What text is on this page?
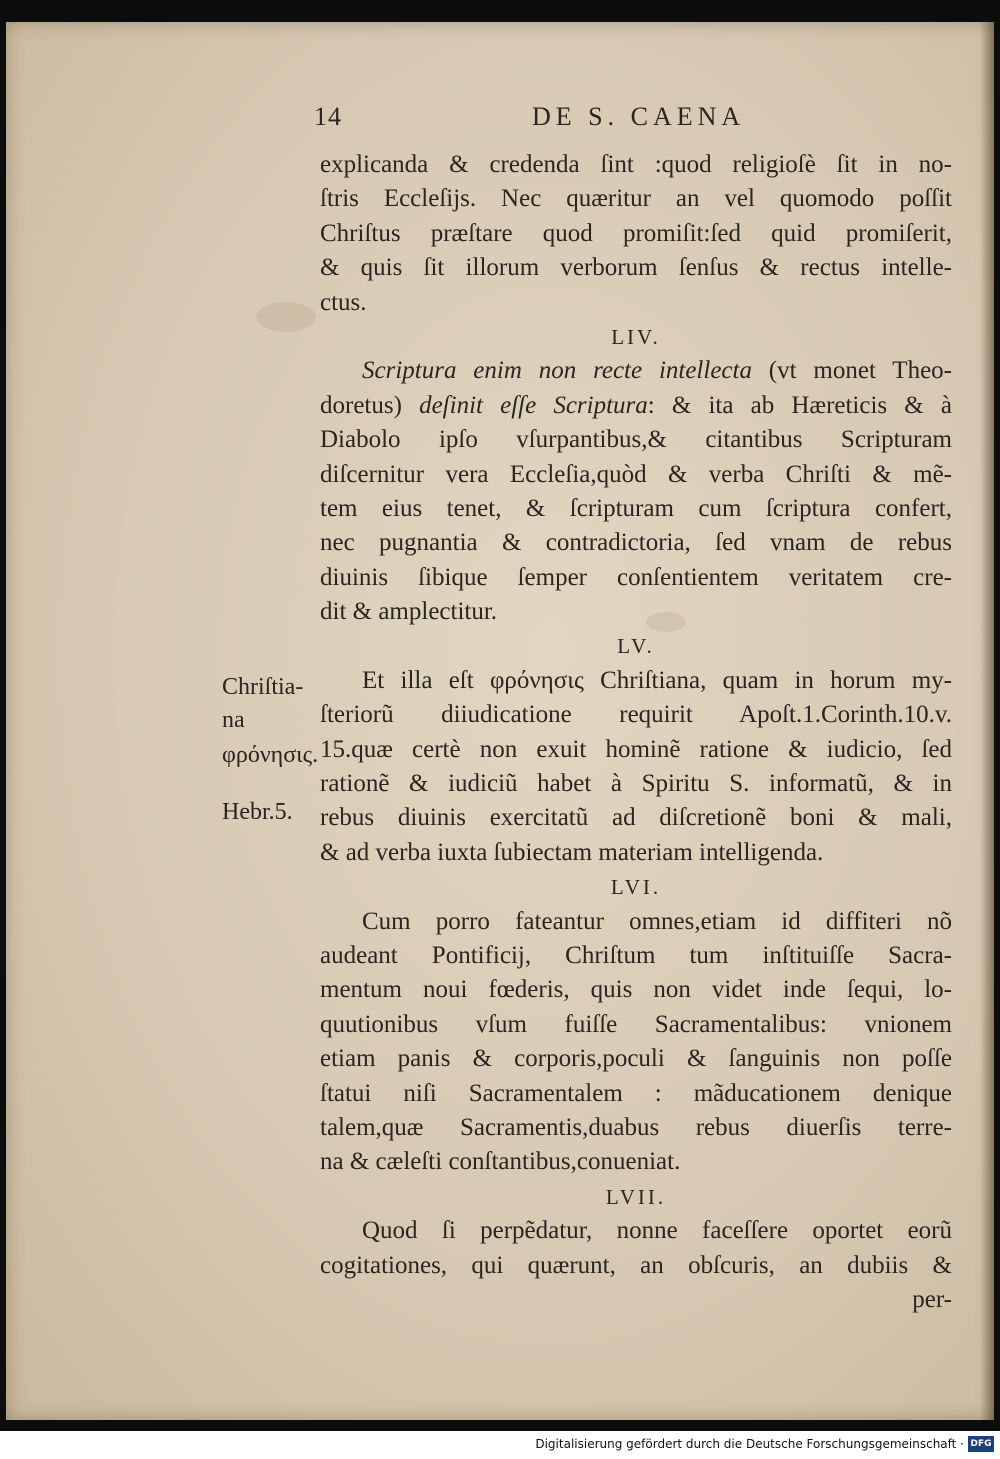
14	DE S. CAENA
explicanda & credenda ſint :quod religioſè ſit in no-
ſtris Eccleſijs. Nec quæritur an vel quomodo poſſit
Chriſtus præſtare quod promiſit:ſed quid promiſerit,
& quis ſit illorum verborum ſenſus & rectus intelle-
ctus.
LIV.
Scriptura enim non recte intellecta (vt monet Theo-
doretus) deſinit eſſe Scriptura: & ita ab Hæreticis & à
Diabolo ipſo vſurpantibus,& citantibus Scripturam
diſcernitur vera Eccleſia,quòd & verba Chriſti & mẽ-
tem eius tenet, & ſcripturam cum ſcriptura confert,
nec pugnantia & contradictoria, ſed vnam de rebus
diuinis ſibique ſemper conſentientem veritatem cre-
dit & amplectitur.
LV.
Et illa eſt φρόνησις Chriſtiana, quam in horum my-
ſteriorũ diiudicatione requirit Apoſt.1.Corinth.10.v.
15.quæ certè non exuit hominẽ ratione & iudicio, ſed
rationẽ & iudiciũ habet à Spiritu S. informatũ, & in
rebus diuinis exercitatũ ad diſcretionẽ boni & mali,
& ad verba iuxta ſubiectam materiam intelligenda.
LVI.
Cum porro fateantur omnes,etiam id diffiteri nõ
audeant Pontificij, Chriſtum tum inſtituiſſe Sacra-
mentum noui fœderis, quis non videt inde ſequi, lo-
quutionibus vſum fuiſſe Sacramentalibus: vnionem
etiam panis & corporis,poculi & ſanguinis non poſſe
ſtatui niſi Sacramentalem : mãducationem denique
talem,quæ Sacramentis,duabus rebus diuerſis terre-
na & cæleſti conſtantibus,conueniat.
LVII.
Quod ſi perpẽdatur, nonne faceſſere oportet eorũ
cogitationes, qui quærunt, an obſcuris, an dubiis &
per-
Chriſtia-
na
φρόνησις.
Hebr.5.
Digitalisierung gefördert durch die Deutsche Forschungsgemeinschaft · DFG
